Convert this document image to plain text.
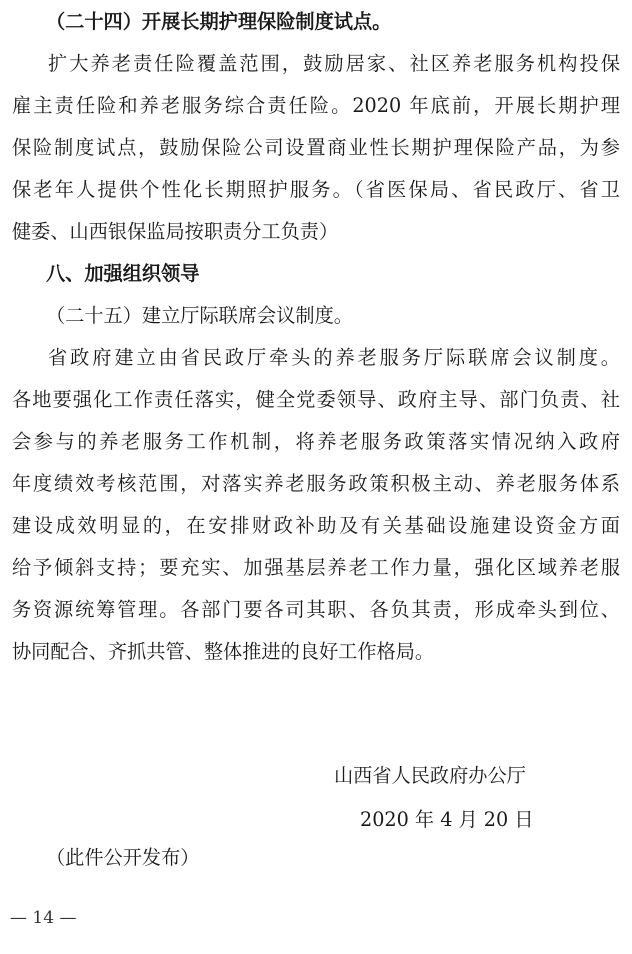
（二十四）开展长期护理保险制度试点。
扩大养老责任险覆盖范围，鼓励居家、社区养老服务机构投保
雇主责任险和养老服务综合责任险。2020 年底前，开展长期护理
保险制度试点，鼓励保险公司设置商业性长期护理保险产品，为参
保老年人提供个性化长期照护服务。（省医保局、省民政厅、省卫
健委、山西银保监局按职责分工负责）
八、加强组织领导
（二十五）建立厅际联席会议制度。
省政府建立由省民政厅牵头的养老服务厅际联席会议制度。
各地要强化工作责任落实，健全党委领导、政府主导、部门负责、社
会参与的养老服务工作机制，将养老服务政策落实情况纳入政府
年度绩效考核范围，对落实养老服务政策积极主动、养老服务体系
建设成效明显的，在安排财政补助及有关基础设施建设资金方面
给予倾斜支持；要充实、加强基层养老工作力量，强化区域养老服
务资源统筹管理。各部门要各司其职、各负其责，形成牵头到位、
协同配合、齐抓共管、整体推进的良好工作格局。
山西省人民政府办公厅
2020 年 4 月 20 日
（此件公开发布）
— 14 —
